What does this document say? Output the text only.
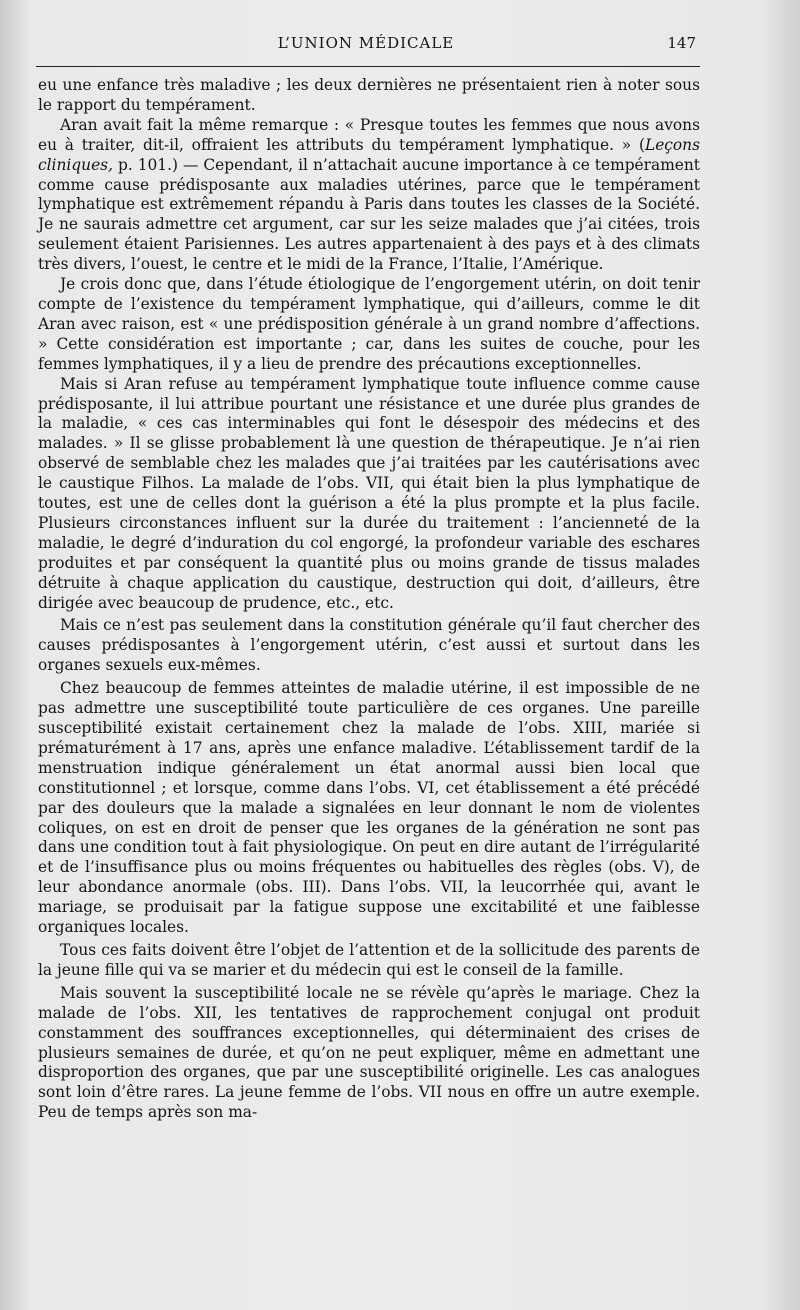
L’UNION MÉDICALE	147

eu une enfance très maladive ; les deux dernières ne présentaient rien à noter sous le rapport du tempérament.

Aran avait fait la même remarque : « Presque toutes les femmes que nous avons eu à traiter, dit-il, offraient les attributs du tempérament lymphatique. » (Leçons cliniques, p. 101.) — Cependant, il n’attachait aucune importance à ce tempérament comme cause prédisposante aux maladies utérines, parce que le tempérament lymphatique est extrêmement répandu à Paris dans toutes les classes de la Société. Je ne saurais admettre cet argument, car sur les seize malades que j’ai citées, trois seulement étaient Parisiennes. Les autres appartenaient à des pays et à des climats très divers, l’ouest, le centre et le midi de la France, l’Italie, l’Amérique.

Je crois donc que, dans l’étude étiologique de l’engorgement utérin, on doit tenir compte de l’existence du tempérament lymphatique, qui d’ailleurs, comme le dit Aran avec raison, est « une prédisposition générale à un grand nombre d’affections. » Cette considération est importante ; car, dans les suites de couche, pour les femmes lymphatiques, il y a lieu de prendre des précautions exceptionnelles.

Mais si Aran refuse au tempérament lymphatique toute influence comme cause prédisposante, il lui attribue pourtant une résistance et une durée plus grandes de la maladie, « ces cas interminables qui font le désespoir des médecins et des malades. » Il se glisse probablement là une question de thérapeutique. Je n’ai rien observé de semblable chez les malades que j’ai traitées par les cautérisations avec le caustique Filhos. La malade de l’obs. VII, qui était bien la plus lymphatique de toutes, est une de celles dont la guérison a été la plus prompte et la plus facile. Plusieurs circonstances influent sur la durée du traitement : l’ancienneté de la maladie, le degré d’induration du col engorgé, la profondeur variable des eschares produites et par conséquent la quantité plus ou moins grande de tissus malades détruite à chaque application du caustique, destruction qui doit, d’ailleurs, être dirigée avec beaucoup de prudence, etc., etc.

Mais ce n’est pas seulement dans la constitution générale qu’il faut chercher des causes prédisposantes à l’engorgement utérin, c’est aussi et surtout dans les organes sexuels eux-mêmes.

Chez beaucoup de femmes atteintes de maladie utérine, il est impossible de ne pas admettre une susceptibilité toute particulière de ces organes. Une pareille susceptibilité existait certainement chez la malade de l’obs. XIII, mariée si prématurément à 17 ans, après une enfance maladive. L’établissement tardif de la menstruation indique généralement un état anormal aussi bien local que constitutionnel ; et lorsque, comme dans l’obs. VI, cet établissement a été précédé par des douleurs que la malade a signalées en leur donnant le nom de violentes coliques, on est en droit de penser que les organes de la génération ne sont pas dans une condition tout à fait physiologique. On peut en dire autant de l’irrégularité et de l’insuffisance plus ou moins fréquentes ou habituelles des règles (obs. V), de leur abondance anormale (obs. III). Dans l’obs. VII, la leucorrhée qui, avant le mariage, se produisait par la fatigue suppose une excitabilité et une faiblesse organiques locales.

Tous ces faits doivent être l’objet de l’attention et de la sollicitude des parents de la jeune fille qui va se marier et du médecin qui est le conseil de la famille.

Mais souvent la susceptibilité locale ne se révèle qu’après le mariage. Chez la malade de l’obs. XII, les tentatives de rapprochement conjugal ont produit constamment des souffrances exceptionnelles, qui déterminaient des crises de plusieurs semaines de durée, et qu’on ne peut expliquer, même en admettant une disproportion des organes, que par une susceptibilité originelle. Les cas analogues sont loin d’être rares. La jeune femme de l’obs. VII nous en offre un autre exemple. Peu de temps après son ma-
